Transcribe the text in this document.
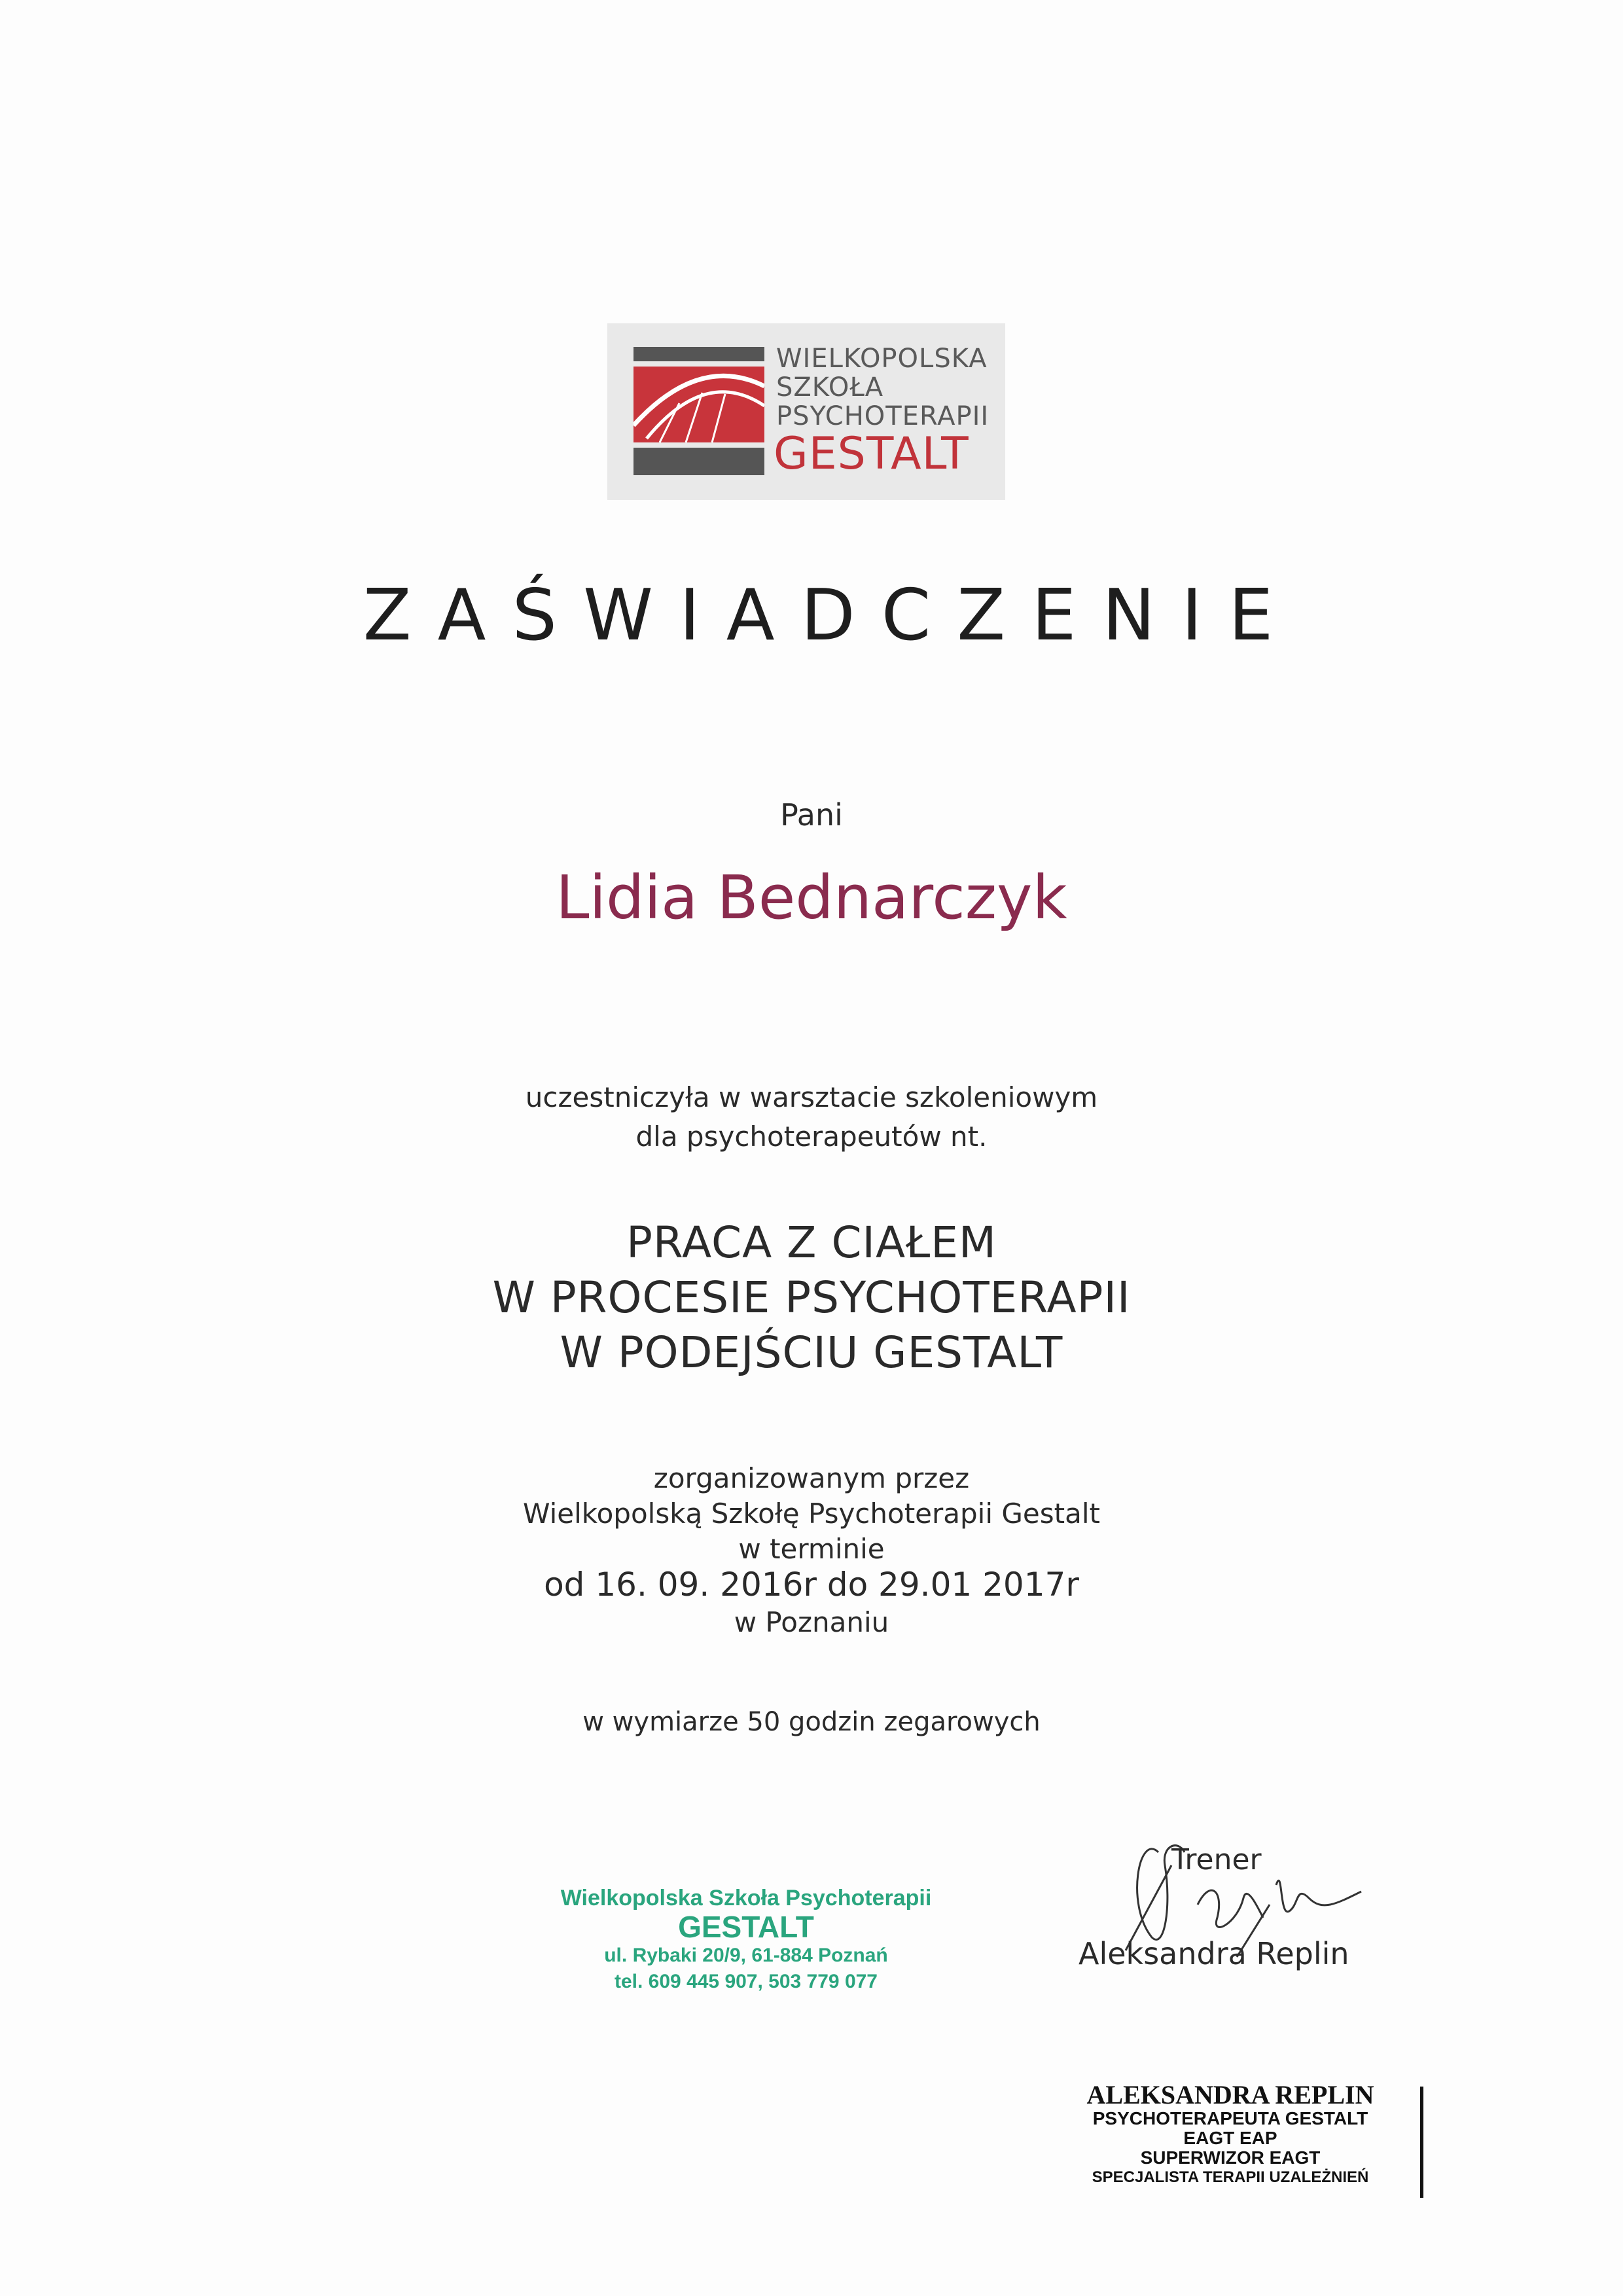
WIELKOPOLSKA
SZKOŁA
PSYCHOTERAPII
GESTALT
ZAŚWIADCZENIE
Pani
Lidia Bednarczyk
uczestniczyła w warsztacie szkoleniowym
dla psychoterapeutów nt.
PRACA Z CIAŁEM
W PROCESIE PSYCHOTERAPII
W PODEJŚCIU GESTALT
zorganizowanym przez
Wielkopolską Szkołę Psychoterapii Gestalt
w terminie
od 16. 09. 2016r do 29.01 2017r
w Poznaniu
w wymiarze 50 godzin zegarowych
Wielkopolska Szkoła Psychoterapii
GESTALT
ul. Rybaki 20/9, 61-884 Poznań
tel. 609 445 907, 503 779 077
Trener
Aleksandra Replin
ALEKSANDRA REPLIN
PSYCHOTERAPEUTA GESTALT
EAGT EAP
SUPERWIZOR EAGT
SPECJALISTA TERAPII UZALEŻNIEŃ
